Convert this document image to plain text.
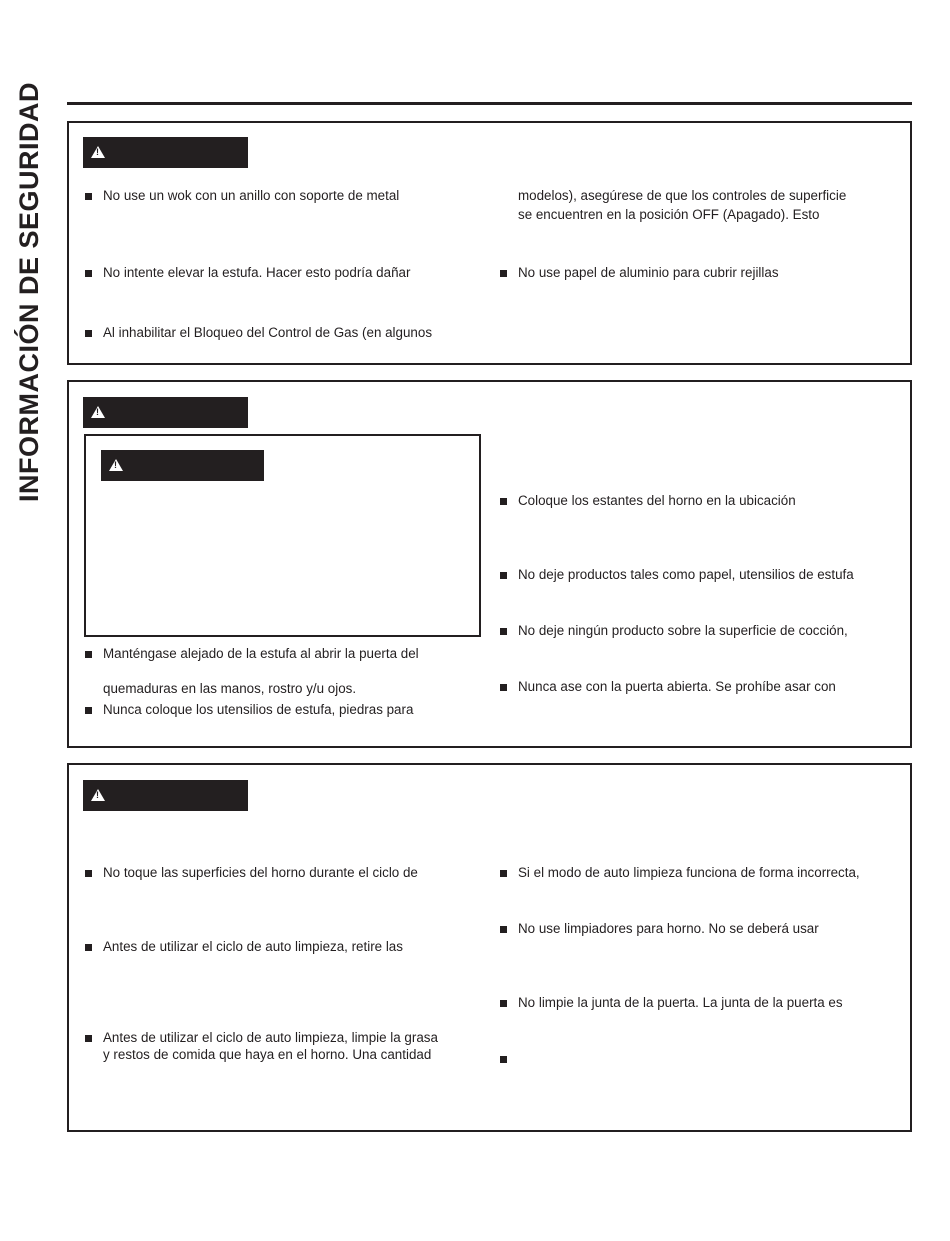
INFORMACIÓN DE SEGURIDAD
!	No use un wok con un anillo con soporte de metal
No intente elevar la estufa. Hacer esto podría dañar
Al inhabilitar el Bloqueo del Control de Gas (en algunos
modelos), asegúrese de que los controles de superficie
se encuentren en la posición OFF (Apagado). Esto
No use papel de aluminio para cubrir rejillas
!
!
Manténgase alejado de la estufa al abrir la puerta del
quemaduras en las manos, rostro y/u ojos.
Nunca coloque los utensilios de estufa, piedras para
Coloque los estantes del horno en la ubicación
No deje productos tales como papel, utensilios de estufa
No deje ningún producto sobre la superficie de cocción,
Nunca ase con la puerta abierta. Se prohíbe asar con
!
No toque las superficies del horno durante el ciclo de
Antes de utilizar el ciclo de auto limpieza, retire las
Antes de utilizar el ciclo de auto limpieza, limpie la grasa
y restos de comida que haya en el horno. Una cantidad
Si el modo de auto limpieza funciona de forma incorrecta,
No use limpiadores para horno. No se deberá usar
No limpie la junta de la puerta. La junta de la puerta es
